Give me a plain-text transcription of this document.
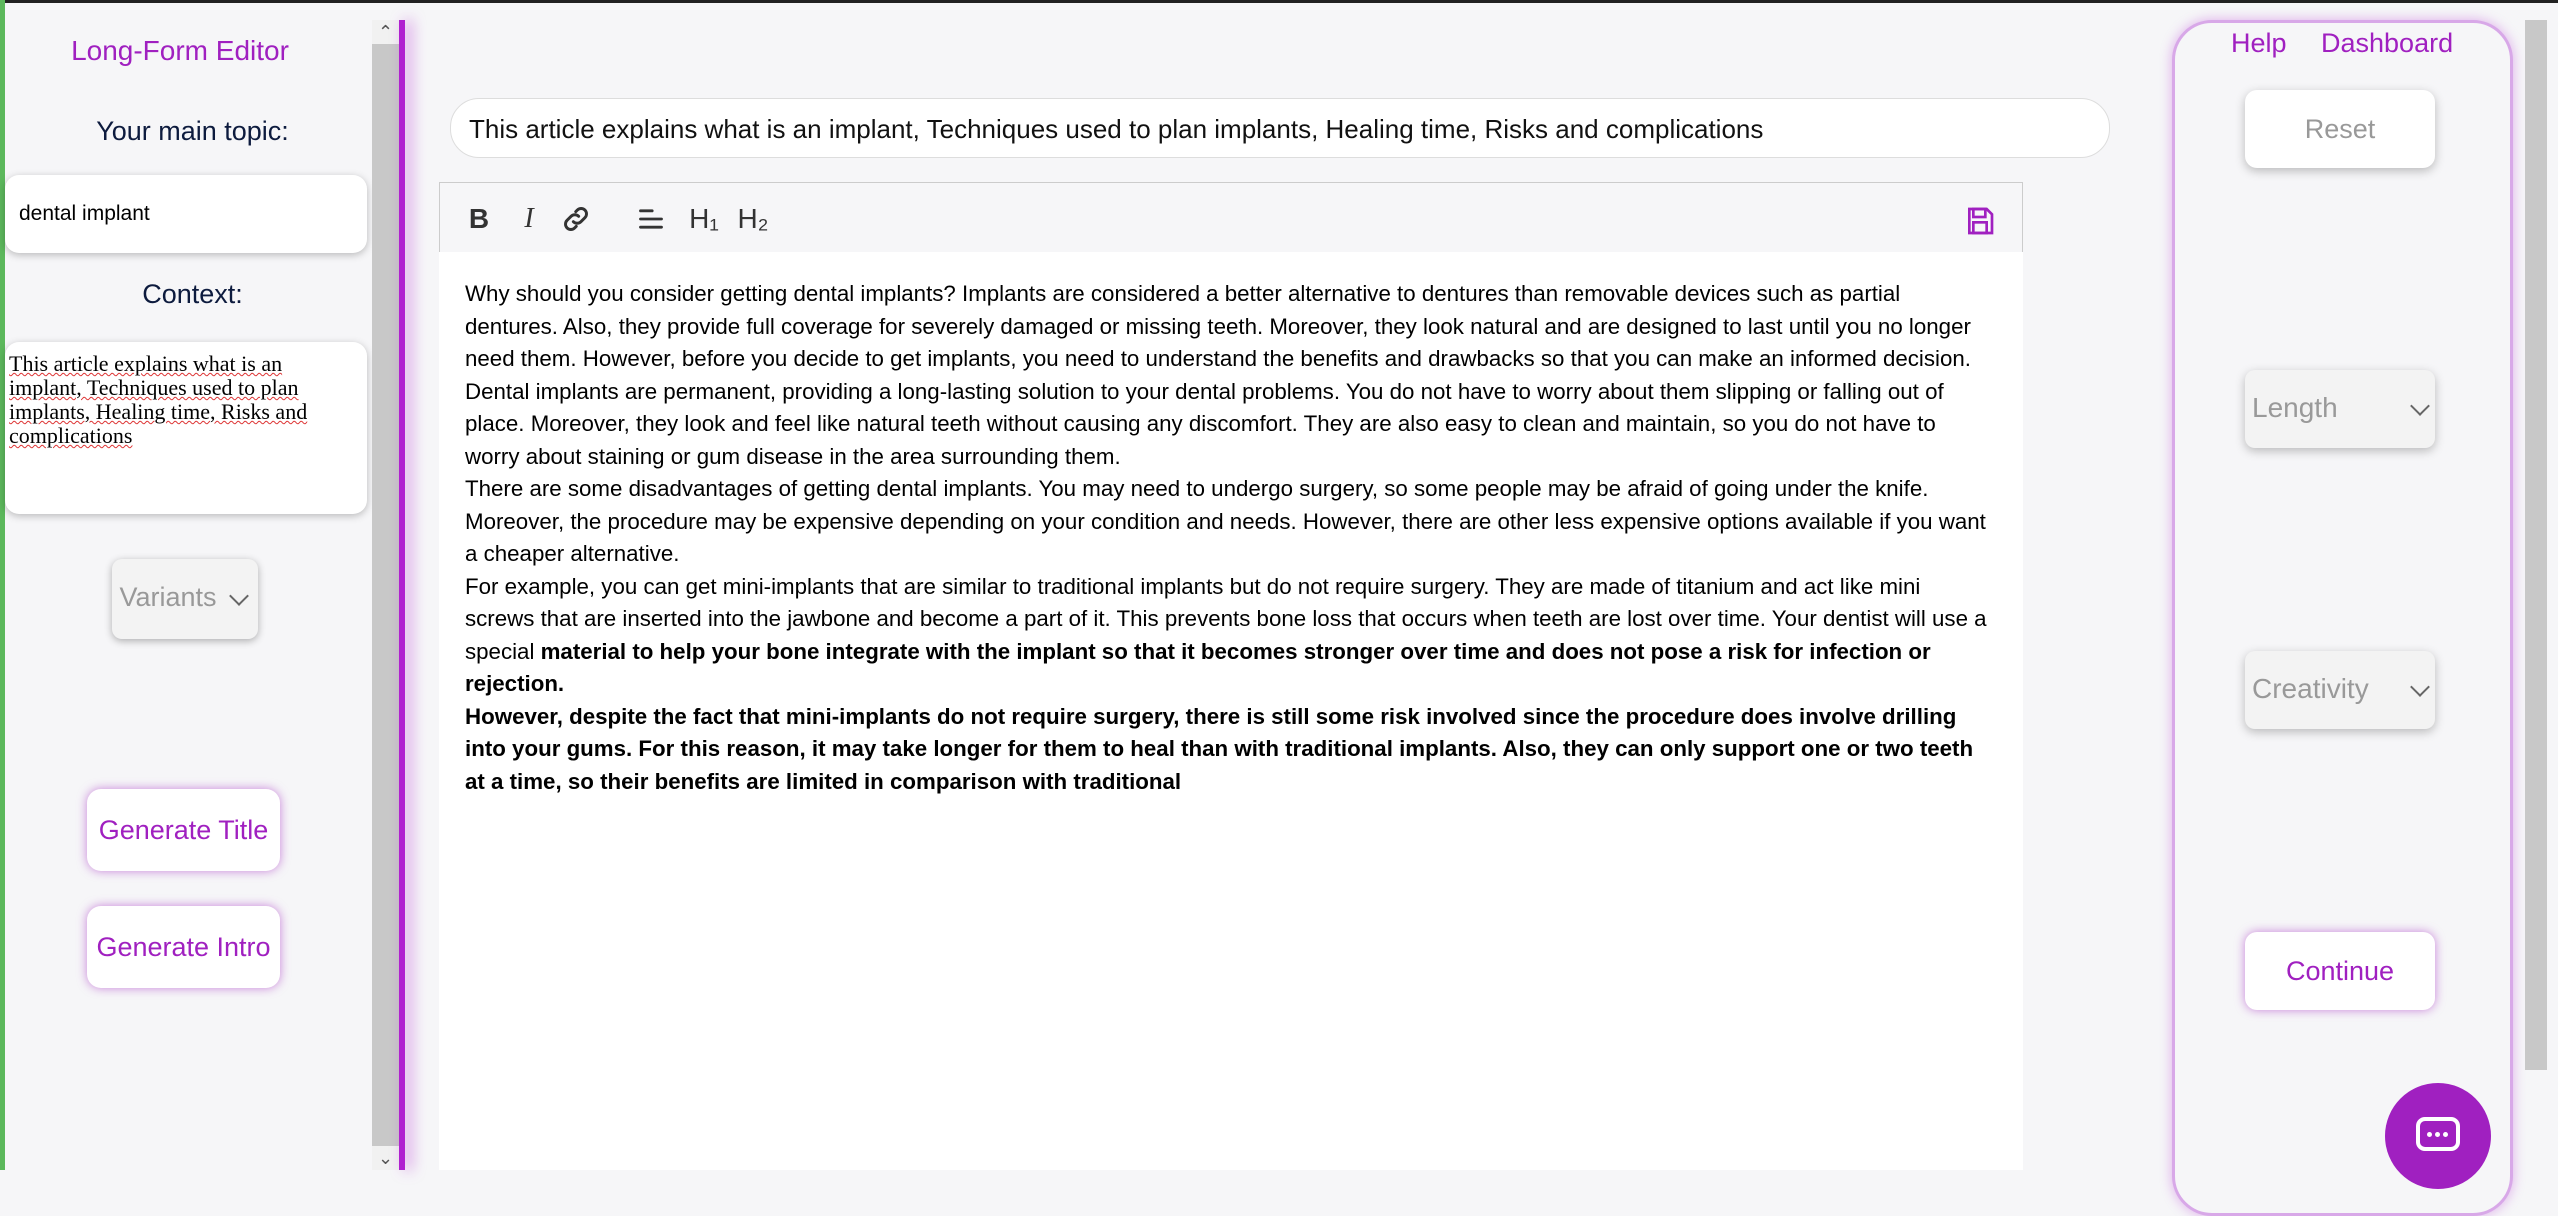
Long-Form Editor
Your main topic:
dental implant
Context:
This article explains what is an implant, Techniques used to plan implants, Healing time, Risks and complications
Variants
Generate Title
Generate Intro
⌃
⌄
This article explains what is an implant, Techniques used to plan implants, Healing time, Risks and complications
B	I	H₁ H₂

Why should you consider getting dental implants? Implants are considered a better alternative to dentures than removable devices such as partial dentures. Also, they provide full coverage for severely damaged or missing teeth. Moreover, they look natural and are designed to last until you no longer need them. However, before you decide to get implants, you need to understand the benefits and drawbacks so that you can make an informed decision. Dental implants are permanent, providing a long-lasting solution to your dental problems. You do not have to worry about them slipping or falling out of place. Moreover, they look and feel like natural teeth without causing any discomfort. They are also easy to clean and maintain, so you do not have to worry about staining or gum disease in the area surrounding them.

There are some disadvantages of getting dental implants. You may need to undergo surgery, so some people may be afraid of going under the knife. Moreover, the procedure may be expensive depending on your condition and needs. However, there are other less expensive options available if you want a cheaper alternative.

For example, you can get mini-implants that are similar to traditional implants but do not require surgery. They are made of titanium and act like mini screws that are inserted into the jawbone and become a part of it. This prevents bone loss that occurs when teeth are lost over time. Your dentist will use a special material to help your bone integrate with the implant so that it becomes stronger over time and does not pose a risk for infection or rejection.

However, despite the fact that mini-implants do not require surgery, there is still some risk involved since the procedure does involve drilling into your gums. For this reason, it may take longer for them to heal than with traditional implants. Also, they can only support one or two teeth at a time, so their benefits are limited in comparison with traditional

Help Dashboard
Reset
Length
Creativity
Continue
